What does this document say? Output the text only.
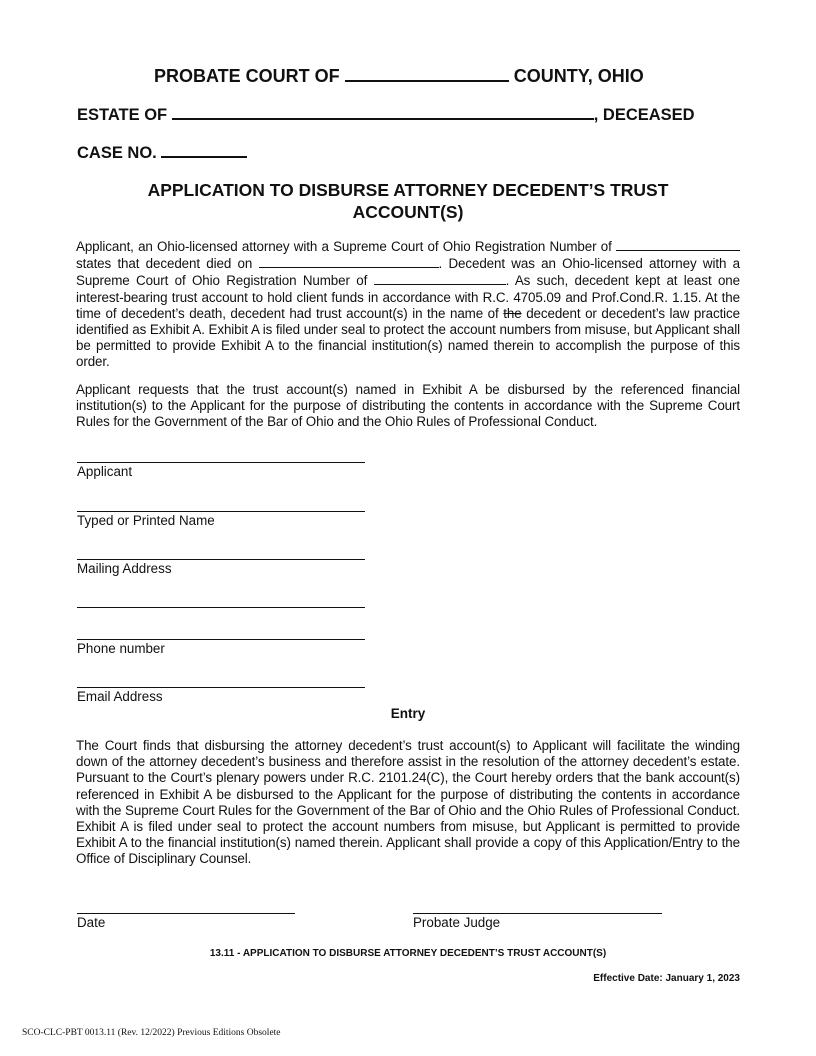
PROBATE COURT OF	COUNTY, OHIO
ESTATE OF	, DECEASED
CASE NO.
APPLICATION TO DISBURSE ATTORNEY DECEDENT’S TRUST ACCOUNT(S)
Applicant, an Ohio-licensed attorney with a Supreme Court of Ohio Registration Number of  states that decedent died on	. Decedent was an Ohio-licensed attorney with a Supreme Court of Ohio Registration Number of	. As such, decedent kept at least one interest-bearing trust account to hold client funds in accordance with R.C. 4705.09 and Prof.Cond.R. 1.15. At the time of decedent’s death, decedent had trust account(s) in the name of the decedent or decedent’s law practice identified as Exhibit A. Exhibit A is filed under seal to protect the account numbers from misuse, but Applicant shall be permitted to provide Exhibit A to the financial institution(s) named therein to accomplish the purpose of this order.
Applicant requests that the trust account(s) named in Exhibit A be disbursed by the referenced financial institution(s) to the Applicant for the purpose of distributing the contents in accordance with the Supreme Court Rules for the Government of the Bar of Ohio and the Ohio Rules of Professional Conduct.
Applicant
Typed or Printed Name
Mailing Address
Phone number
Email Address
Entry
The Court finds that disbursing the attorney decedent’s trust account(s) to Applicant will facilitate the winding down of the attorney decedent’s business and therefore assist in the resolution of the attorney decedent’s estate. Pursuant to the Court’s plenary powers under R.C. 2101.24(C), the Court hereby orders that the bank account(s) referenced in Exhibit A be disbursed to the Applicant for the purpose of distributing the contents in accordance with the Supreme Court Rules for the Government of the Bar of Ohio and the Ohio Rules of Professional Conduct. Exhibit A is filed under seal to protect the account numbers from misuse, but Applicant is permitted to provide Exhibit A to the financial institution(s) named therein. Applicant shall provide a copy of this Application/Entry to the Office of Disciplinary Counsel.
Date	Probate Judge
13.11 - APPLICATION TO DISBURSE ATTORNEY DECEDENT’S TRUST ACCOUNT(S)
Effective Date: January 1, 2023
SCO-CLC-PBT 0013.11 (Rev. 12/2022) Previous Editions Obsolete
